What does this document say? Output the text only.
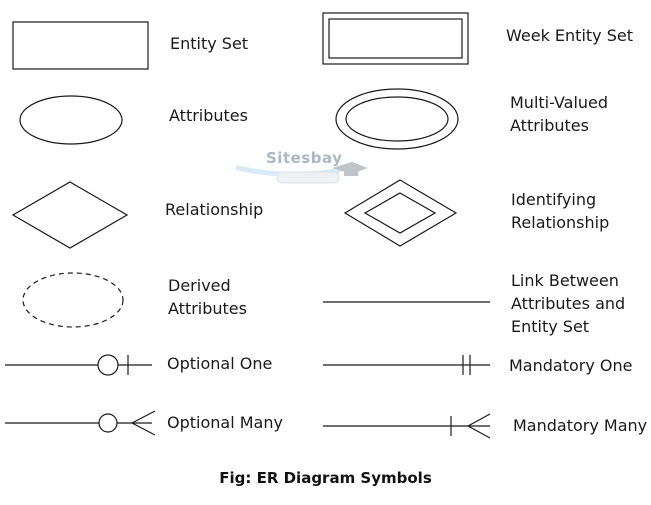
Sitesbay
Entity Set	Week Entity Set
Attributes
Multi-Valued
Attributes
Relationship
Identifying
Relationship
Derived
Attributes
Link Between
Attributes and
Entity Set
Optional One	Mandatory One
Optional Many	Mandatory Many
Fig: ER Diagram Symbols
